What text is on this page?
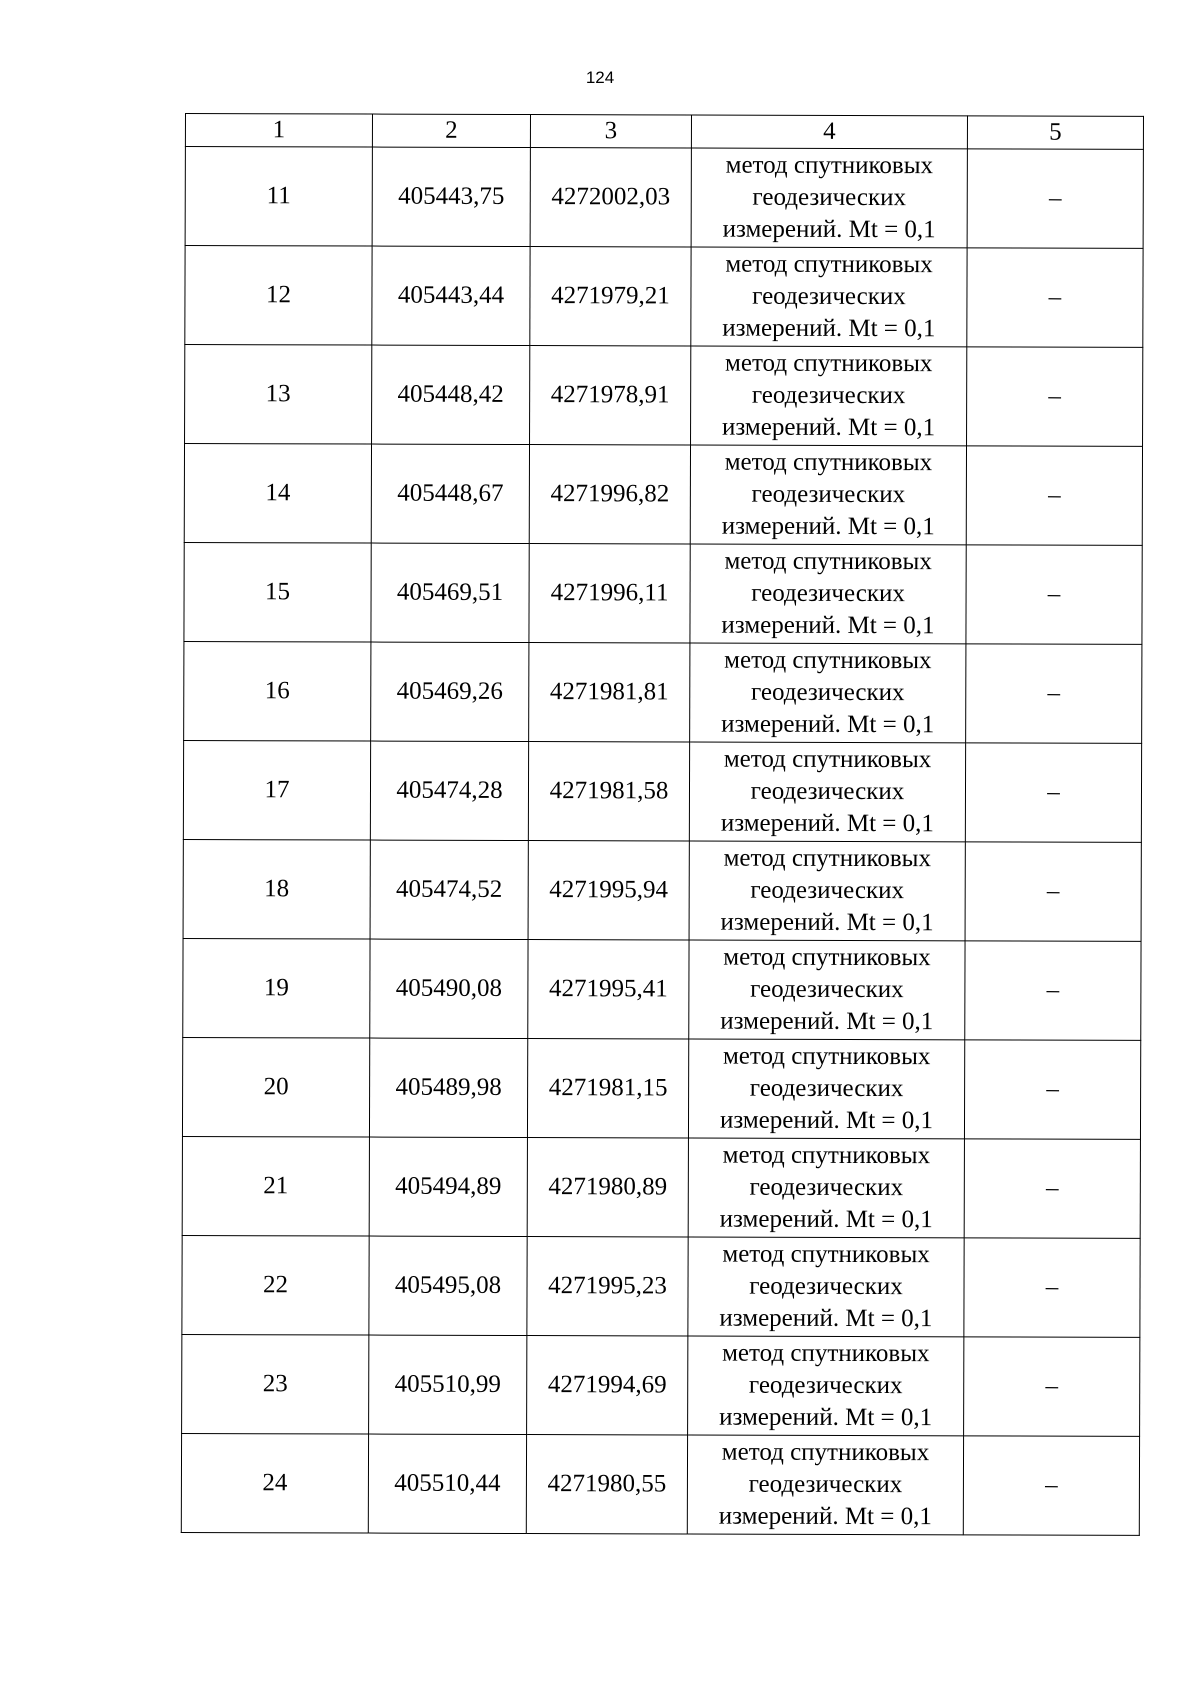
124
1	2	3	4	5
11	405443,75	4272002,03	метод спутниковых
геодезических
измерений. Mt = 0,1	–
12	405443,44	4271979,21	метод спутниковых
геодезических
измерений. Mt = 0,1	–
13	405448,42	4271978,91	метод спутниковых
геодезических
измерений. Mt = 0,1	–
14	405448,67	4271996,82	метод спутниковых
геодезических
измерений. Mt = 0,1	–
15	405469,51	4271996,11	метод спутниковых
геодезических
измерений. Mt = 0,1	–
16	405469,26	4271981,81	метод спутниковых
геодезических
измерений. Mt = 0,1	–
17	405474,28	4271981,58	метод спутниковых
геодезических
измерений. Mt = 0,1	–
18	405474,52	4271995,94	метод спутниковых
геодезических
измерений. Mt = 0,1	–
19	405490,08	4271995,41	метод спутниковых
геодезических
измерений. Mt = 0,1	–
20	405489,98	4271981,15	метод спутниковых
геодезических
измерений. Mt = 0,1	–
21	405494,89	4271980,89	метод спутниковых
геодезических
измерений. Mt = 0,1	–
22	405495,08	4271995,23	метод спутниковых
геодезических
измерений. Mt = 0,1	–
23	405510,99	4271994,69	метод спутниковых
геодезических
измерений. Mt = 0,1	–
24	405510,44	4271980,55	метод спутниковых
геодезических
измерений. Mt = 0,1	–
